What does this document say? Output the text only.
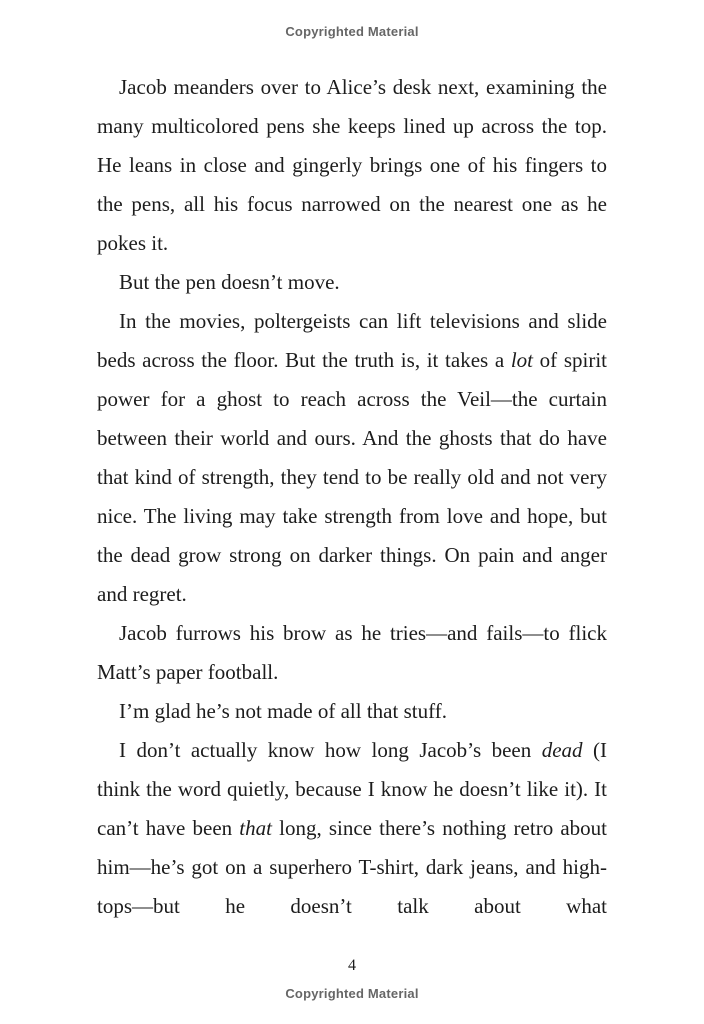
Copyrighted Material

Jacob meanders over to Alice’s desk next, examining the many multicolored pens she keeps lined up across the top. He leans in close and gingerly brings one of his fingers to the pens, all his focus narrowed on the nearest one as he pokes it.

But the pen doesn’t move.

In the movies, poltergeists can lift televisions and slide beds across the floor. But the truth is, it takes a lot of spirit power for a ghost to reach across the Veil—the curtain between their world and ours. And the ghosts that do have that kind of strength, they tend to be really old and not very nice. The living may take strength from love and hope, but the dead grow strong on darker things. On pain and anger and regret.

Jacob furrows his brow as he tries—and fails—to flick Matt’s paper football.

I’m glad he’s not made of all that stuff.

I don’t actually know how long Jacob’s been dead (I think the word quietly, because I know he doesn’t like it). It can’t have been that long, since there’s nothing retro about him—he’s got on a superhero T-shirt, dark jeans, and high-tops—but he doesn’t talk about what

4
Copyrighted Material
